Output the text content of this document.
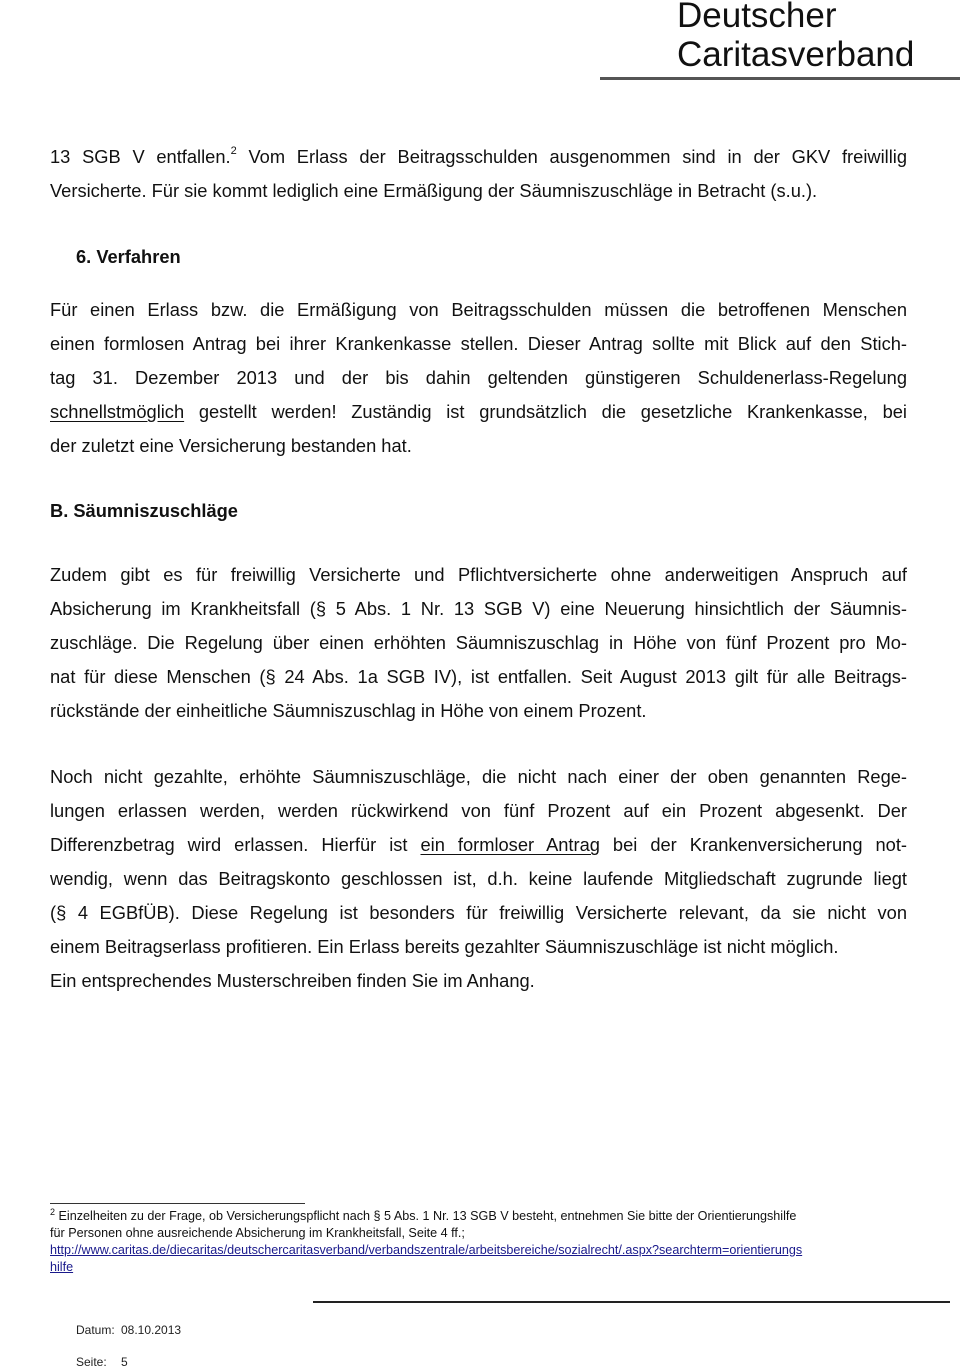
Deutscher
Caritasverband
13 SGB V entfallen.$^2$ Vom Erlass der Beitragsschulden ausgenommen sind in der GKV freiwillig
Versicherte. Für sie kommt lediglich eine Ermäßigung der Säumniszuschläge in Betracht (s.u.).
6. Verfahren
Für einen Erlass bzw. die Ermäßigung von Beitragsschulden müssen die betroffenen Menschen
einen formlosen Antrag bei ihrer Krankenkasse stellen. Dieser Antrag sollte mit Blick auf den Stich-
tag 31. Dezember 2013 und der bis dahin geltenden günstigeren Schuldenerlass-Regelung
schnellstmöglich gestellt werden! Zuständig ist grundsätzlich die gesetzliche Krankenkasse, bei
der zuletzt eine Versicherung bestanden hat.
B. Säumniszuschläge
Zudem gibt es für freiwillig Versicherte und Pflichtversicherte ohne anderweitigen Anspruch auf
Absicherung im Krankheitsfall (§ 5 Abs. 1 Nr. 13 SGB V) eine Neuerung hinsichtlich der Säumnis-
zuschläge. Die Regelung über einen erhöhten Säumniszuschlag in Höhe von fünf Prozent pro Mo-
nat für diese Menschen (§ 24 Abs. 1a SGB IV), ist entfallen. Seit August 2013 gilt für alle Beitrags-
rückstände der einheitliche Säumniszuschlag in Höhe von einem Prozent.
Noch nicht gezahlte, erhöhte Säumniszuschläge, die nicht nach einer der oben genannten Rege-
lungen erlassen werden, werden rückwirkend von fünf Prozent auf ein Prozent abgesenkt. Der
Differenzbetrag wird erlassen. Hierfür ist ein formloser Antrag bei der Krankenversicherung not-
wendig, wenn das Beitragskonto geschlossen ist, d.h. keine laufende Mitgliedschaft zugrunde liegt
(§ 4 EGBfÜB). Diese Regelung ist besonders für freiwillig Versicherte relevant, da sie nicht von
einem Beitragserlass profitieren. Ein Erlass bereits gezahlter Säumniszuschläge ist nicht möglich.
Ein entsprechendes Musterschreiben finden Sie im Anhang.
$^2$ Einzelheiten zu der Frage, ob Versicherungspflicht nach § 5 Abs. 1 Nr. 13 SGB V besteht, entnehmen Sie bitte der Orientierungshilfe
für Personen ohne ausreichende Absicherung im Krankheitsfall, Seite 4 ff.;
http://www.caritas.de/diecaritas/deutschercaritasverband/verbandszentrale/arbeitsbereiche/sozialrecht/.aspx?searchterm=orientierungs
hilfe
Datum: 08.10.2013
Seite: 5
